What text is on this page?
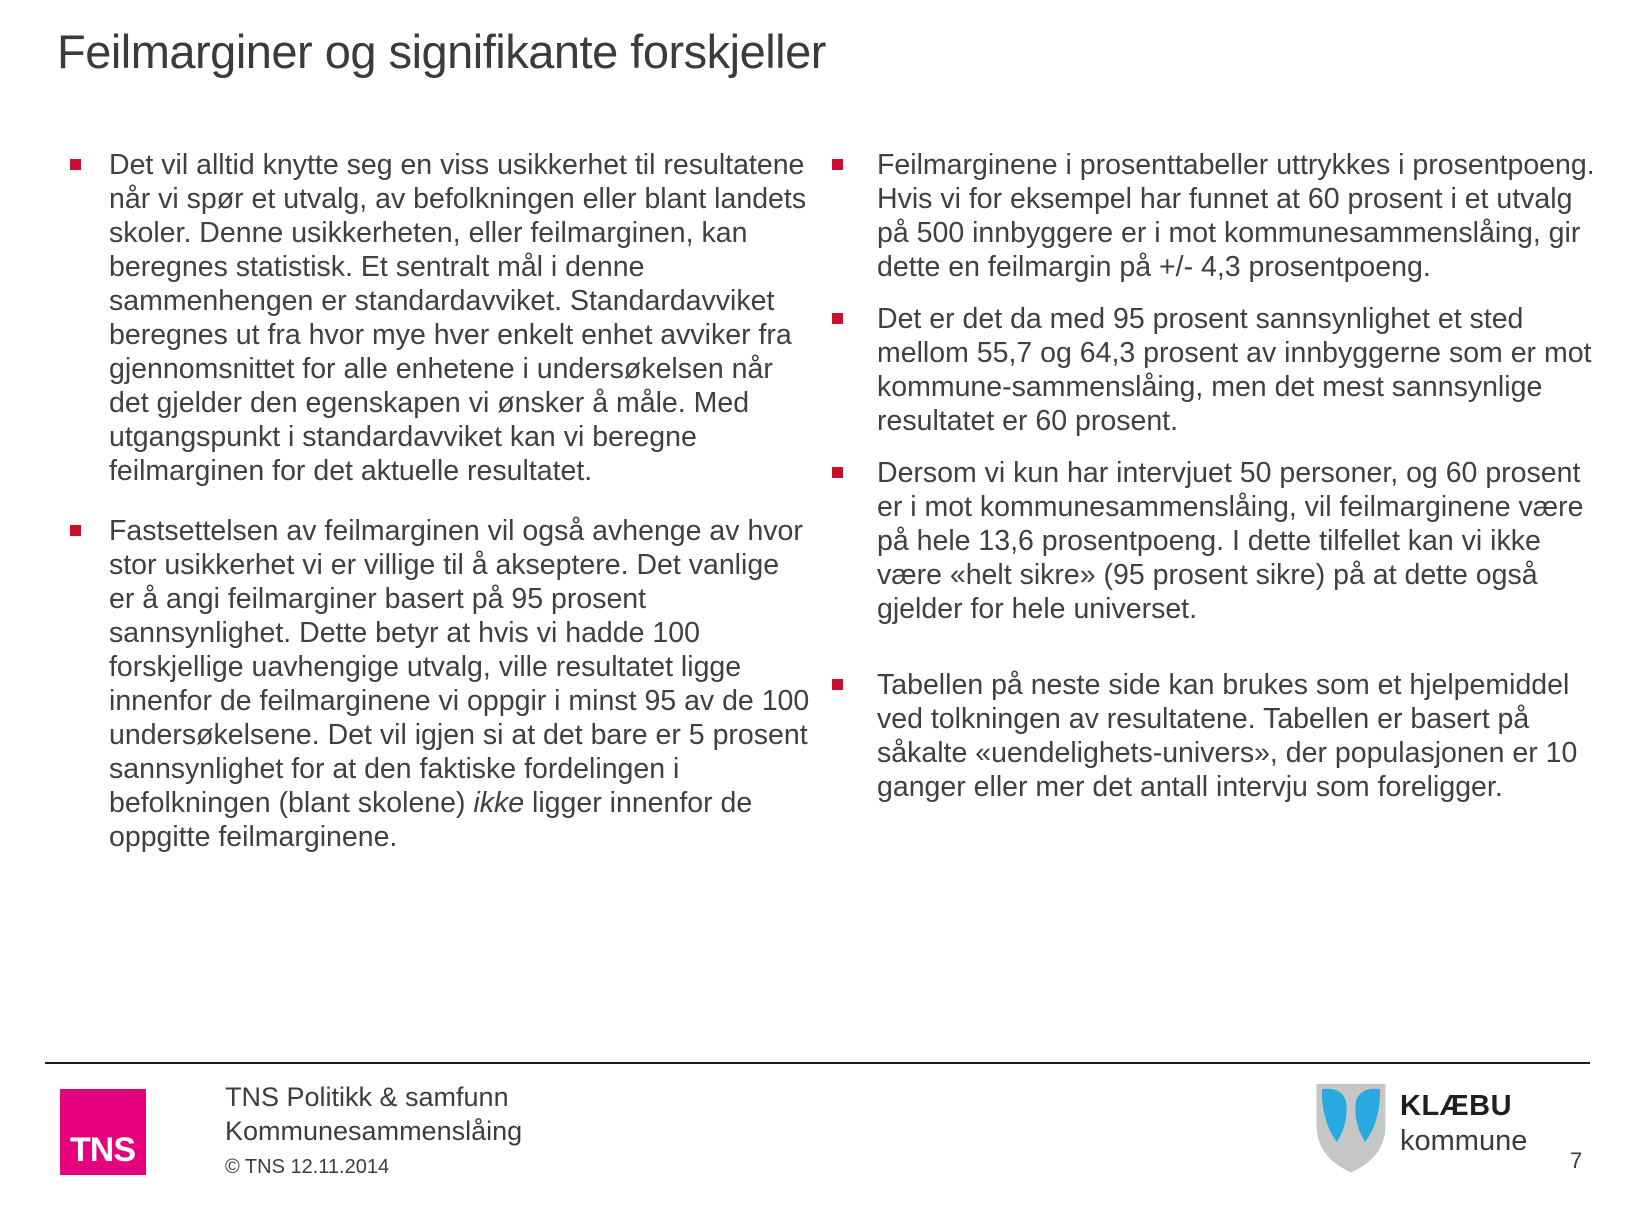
Feilmarginer og signifikante forskjeller
Det vil alltid knytte seg en viss usikkerhet til resultatene når vi spør et utvalg, av befolkningen eller blant landets skoler. Denne usikkerheten, eller feilmarginen, kan beregnes statistisk. Et sentralt mål i denne sammenhengen er standardavviket. Standardavviket beregnes ut fra hvor mye hver enkelt enhet avviker fra gjennomsnittet for alle enhetene i undersøkelsen når det gjelder den egenskapen vi ønsker å måle. Med utgangspunkt i standardavviket kan vi beregne feilmarginen for det aktuelle resultatet.
Fastsettelsen av feilmarginen vil også avhenge av hvor stor usikkerhet vi er villige til å akseptere. Det vanlige er å angi feilmarginer basert på 95 prosent sannsynlighet. Dette betyr at hvis vi hadde 100 forskjellige uavhengige utvalg, ville resultatet ligge innenfor de feilmarginene vi oppgir i minst 95 av de 100 undersøkelsene. Det vil igjen si at det bare er 5 prosent sannsynlighet for at den faktiske fordelingen i befolkningen (blant skolene) ikke ligger innenfor de oppgitte feilmarginene.
Feilmarginene i prosenttabeller uttrykkes i prosentpoeng. Hvis vi for eksempel har funnet at 60 prosent i et utvalg på 500 innbyggere er i mot kommunesammenslåing, gir dette en feilmargin på +/- 4,3 prosentpoeng.
Det er det da med 95 prosent sannsynlighet et sted mellom 55,7 og 64,3 prosent av innbyggerne som er mot kommune-sammenslåing, men det mest sannsynlige resultatet er 60 prosent.
Dersom vi kun har intervjuet 50 personer, og 60 prosent er i mot kommunesammenslåing, vil feilmarginene være på hele 13,6 prosentpoeng. I dette tilfellet kan vi ikke være «helt sikre» (95 prosent sikre) på at dette også gjelder for hele universet.
Tabellen på neste side kan brukes som et hjelpemiddel ved tolkningen av resultatene. Tabellen er basert på såkalte «uendelighets-univers», der populasjonen er 10 ganger eller mer det antall intervju som foreligger.
TNS
TNS Politikk & samfunn
Kommunesammenslåing
© TNS 12.11.2014
KLÆBU
kommune
7
